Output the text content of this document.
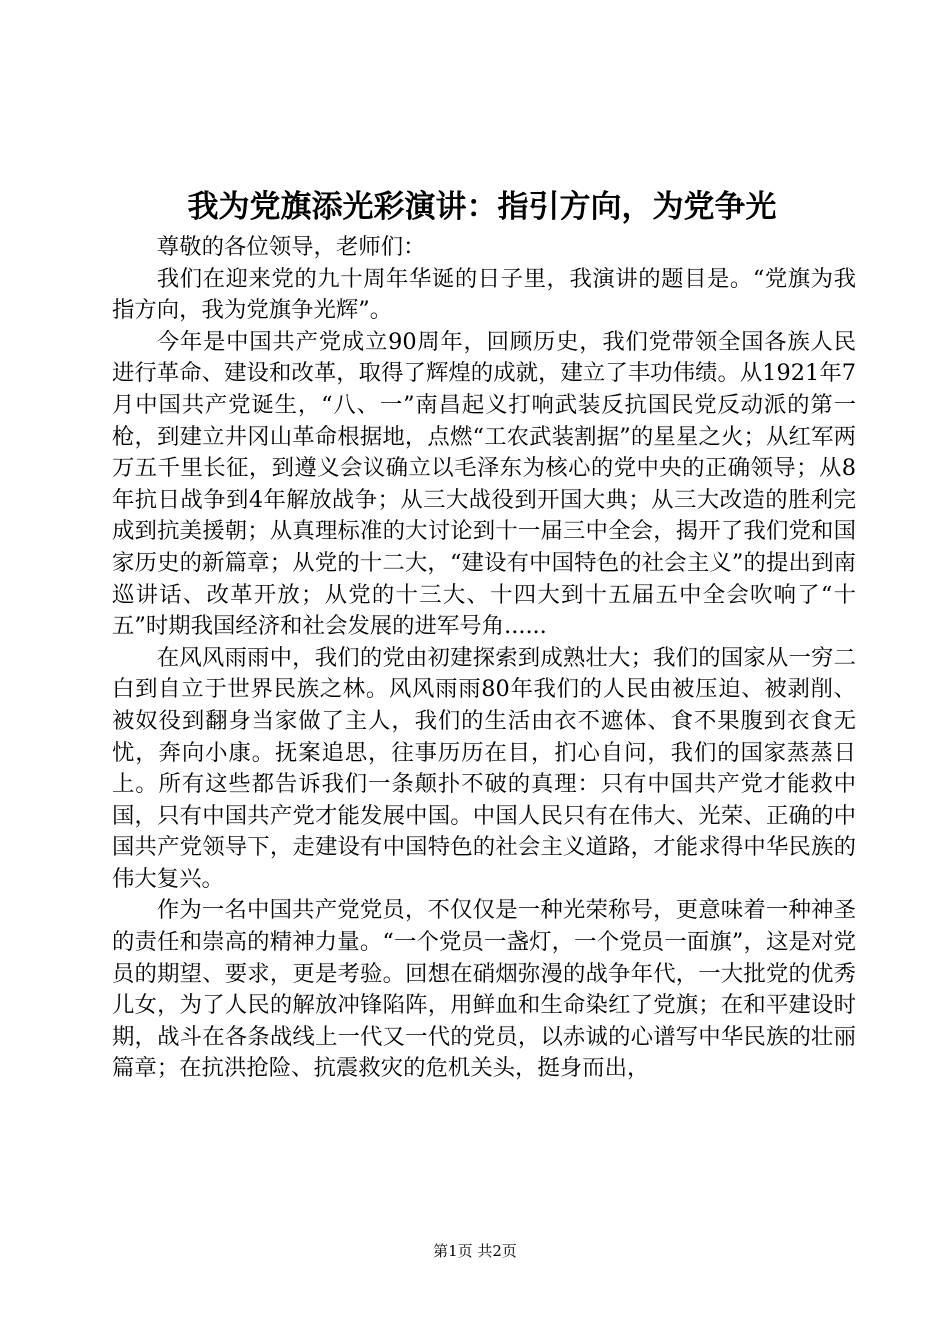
我为党旗添光彩演讲：指引方向，为党争光

尊敬的各位领导，老师们：

我们在迎来党的九十周年华诞的日子里，我演讲的题目是。“党旗为我指方向，我为党旗争光辉”。

今年是中国共产党成立90周年，回顾历史，我们党带领全国各族人民进行革命、建设和改革，取得了辉煌的成就，建立了丰功伟绩。从1921年7月中国共产党诞生，“八、一”南昌起义打响武装反抗国民党反动派的第一枪，到建立井冈山革命根据地，点燃“工农武装割据”的星星之火；从红军两万五千里长征，到遵义会议确立以毛泽东为核心的党中央的正确领导；从8年抗日战争到4年解放战争；从三大战役到开国大典；从三大改造的胜利完成到抗美援朝；从真理标准的大讨论到十一届三中全会，揭开了我们党和国家历史的新篇章；从党的十二大，“建设有中国特色的社会主义”的提出到南巡讲话、改革开放；从党的十三大、十四大到十五届五中全会吹响了“十五”时期我国经济和社会发展的进军号角......

在风风雨雨中，我们的党由初建探索到成熟壮大；我们的国家从一穷二白到自立于世界民族之林。风风雨雨80年我们的人民由被压迫、被剥削、被奴役到翻身当家做了主人，我们的生活由衣不遮体、食不果腹到衣食无忧，奔向小康。抚案追思，往事历历在目，扪心自问，我们的国家蒸蒸日上。所有这些都告诉我们一条颠扑不破的真理：只有中国共产党才能救中国，只有中国共产党才能发展中国。中国人民只有在伟大、光荣、正确的中国共产党领导下，走建设有中国特色的社会主义道路，才能求得中华民族的伟大复兴。

作为一名中国共产党党员，不仅仅是一种光荣称号，更意味着一种神圣的责任和崇高的精神力量。“一个党员一盏灯，一个党员一面旗”，这是对党员的期望、要求，更是考验。回想在硝烟弥漫的战争年代，一大批党的优秀儿女，为了人民的解放冲锋陷阵，用鲜血和生命染红了党旗；在和平建设时期，战斗在各条战线上一代又一代的党员，以赤诚的心谱写中华民族的壮丽篇章；在抗洪抢险、抗震救灾的危机关头，挺身而出，

第1页 共2页
